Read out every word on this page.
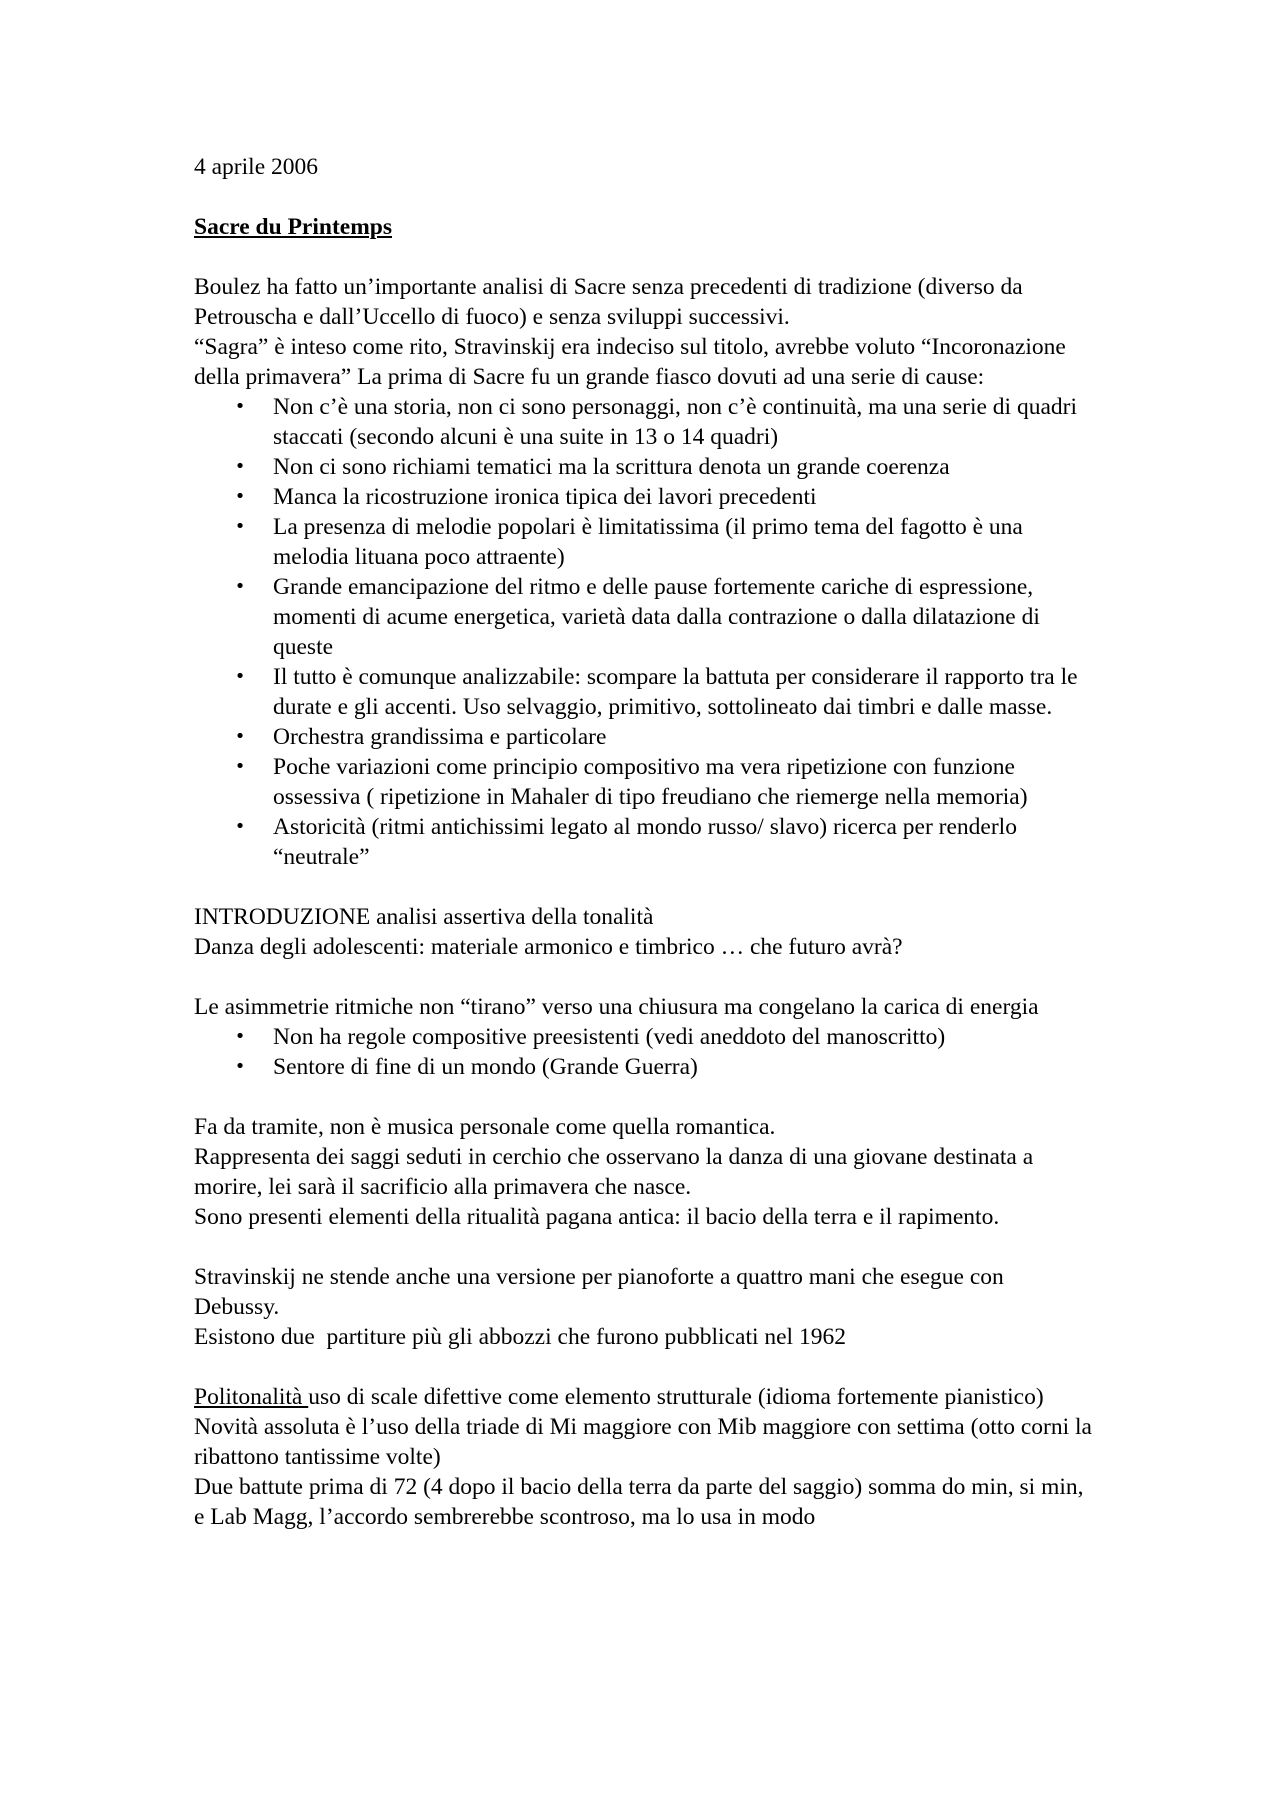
4 aprile 2006

Sacre du Printemps

Boulez ha fatto un’importante analisi di Sacre senza precedenti di tradizione (diverso da Petrouscha e dall’Uccello di fuoco) e senza sviluppi successivi.

“Sagra” è inteso come rito, Stravinskij era indeciso sul titolo, avrebbe voluto “Incoronazione della primavera” La prima di Sacre fu un grande fiasco dovuti ad una serie di cause:

• Non c’è una storia, non ci sono personaggi, non c’è continuità, ma una serie di quadri staccati (secondo alcuni è una suite in 13 o 14 quadri)
• Non ci sono richiami tematici ma la scrittura denota un grande coerenza
• Manca la ricostruzione ironica tipica dei lavori precedenti
• La presenza di melodie popolari è limitatissima (il primo tema del fagotto è una melodia lituana poco attraente)
• Grande emancipazione del ritmo e delle pause fortemente cariche di espressione, momenti di acume energetica, varietà data dalla contrazione o dalla dilatazione di queste
• Il tutto è comunque analizzabile: scompare la battuta per considerare il rapporto tra le durate e gli accenti. Uso selvaggio, primitivo, sottolineato dai timbri e dalle masse.
• Orchestra grandissima e particolare
• Poche variazioni come principio compositivo ma vera ripetizione con funzione ossessiva ( ripetizione in Mahaler di tipo freudiano che riemerge nella memoria)
• Astoricità (ritmi antichissimi legato al mondo russo/ slavo) ricerca per renderlo “neutrale”

INTRODUZIONE analisi assertiva della tonalità

Danza degli adolescenti: materiale armonico e timbrico … che futuro avrà?

Le asimmetrie ritmiche non “tirano” verso una chiusura ma congelano la carica di energia

• Non ha regole compositive preesistenti (vedi aneddoto del manoscritto)
• Sentore di fine di un mondo (Grande Guerra)

Fa da tramite, non è musica personale come quella romantica.

Rappresenta dei saggi seduti in cerchio che osservano la danza di una giovane destinata a morire, lei sarà il sacrificio alla primavera che nasce.

Sono presenti elementi della ritualità pagana antica: il bacio della terra e il rapimento.

Stravinskij ne stende anche una versione per pianoforte a quattro mani che esegue con Debussy.

Esistono due  partiture più gli abbozzi che furono pubblicati nel 1962

Politonalità uso di scale difettive come elemento strutturale (idioma fortemente pianistico) Novità assoluta è l’uso della triade di Mi maggiore con Mib maggiore con settima (otto corni la ribattono tantissime volte)

Due battute prima di 72 (4 dopo il bacio della terra da parte del saggio) somma do min, si min, e Lab Magg, l’accordo sembrerebbe scontroso, ma lo usa in modo
